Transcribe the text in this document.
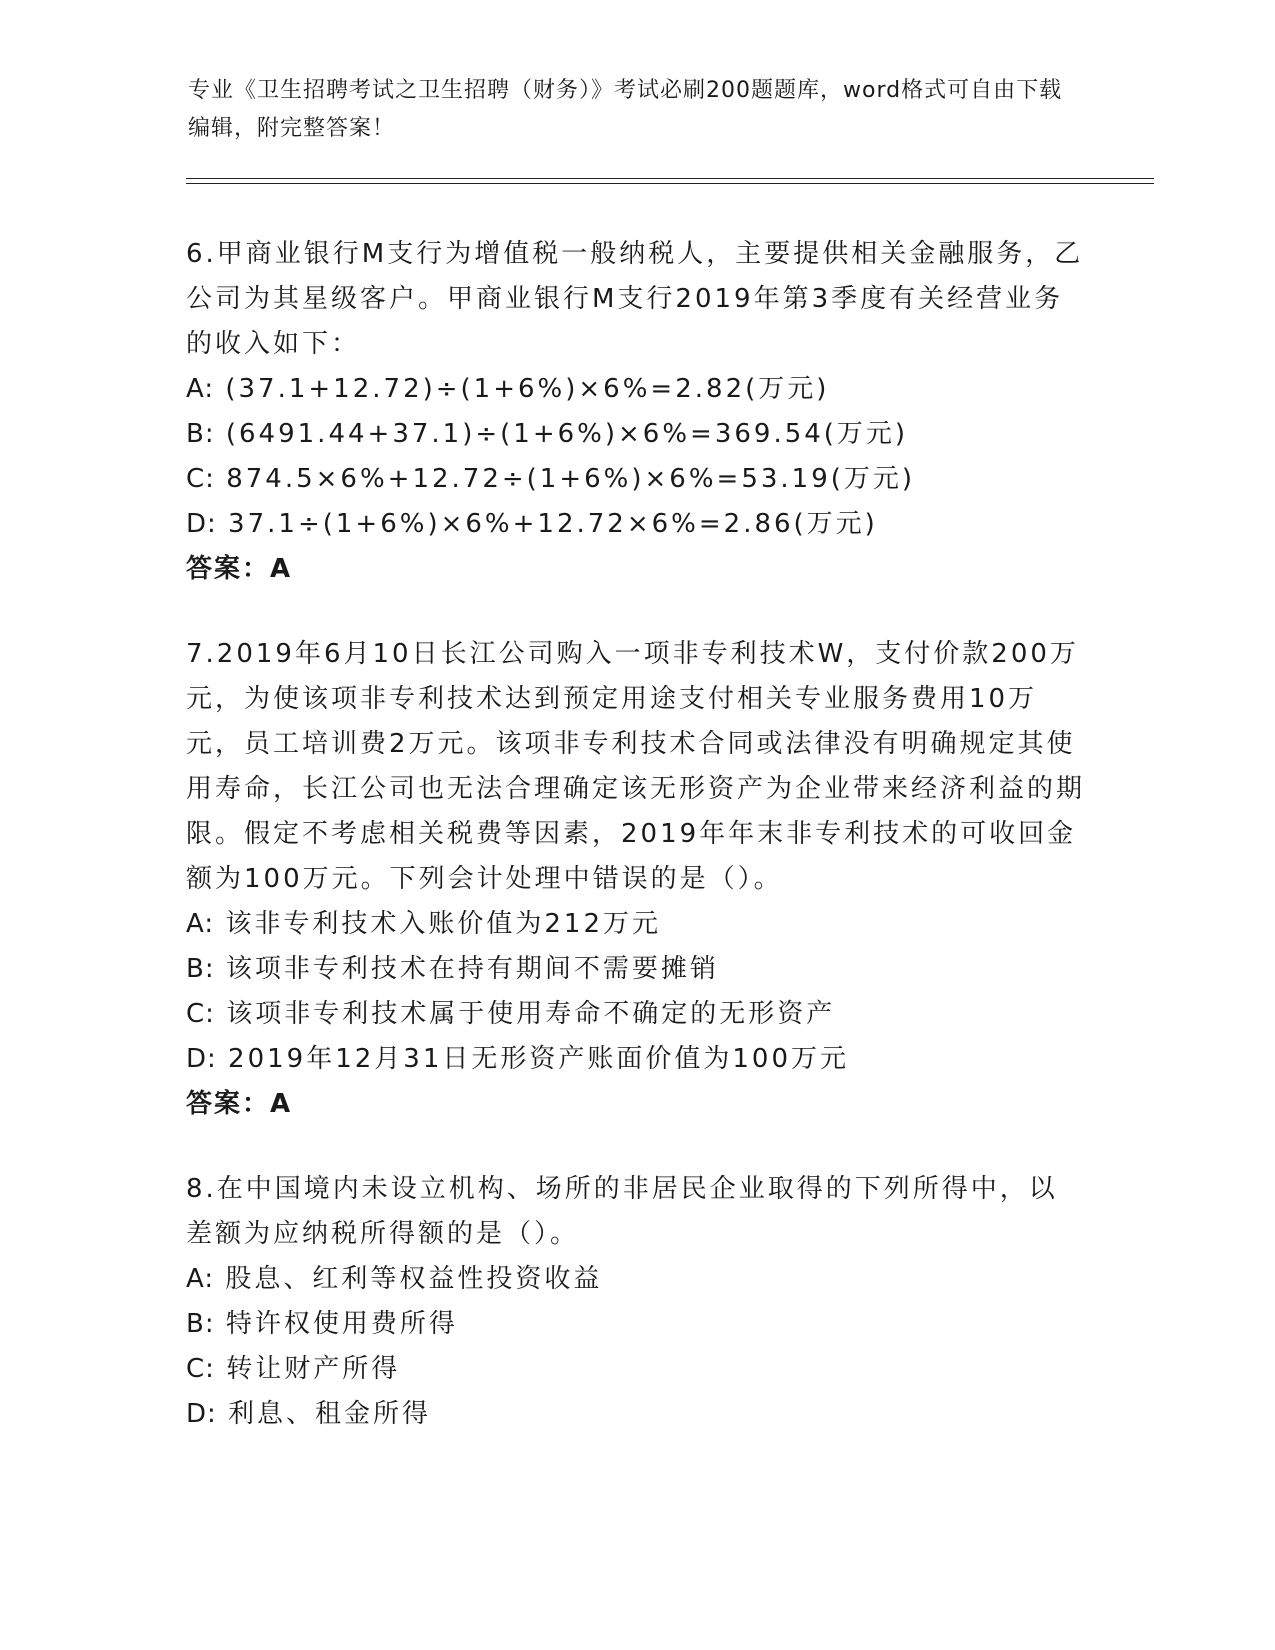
专业《卫生招聘考试之卫生招聘（财务）》考试必刷200题题库，word格式可自由下载编辑，附完整答案！
6.甲商业银行M支行为增值税一般纳税人，主要提供相关金融服务，乙公司为其星级客户。甲商业银行M支行2019年第3季度有关经营业务的收入如下：
A: (37.1+12.72)÷(1+6%)×6%=2.82(万元)
B: (6491.44+37.1)÷(1+6%)×6%=369.54(万元)
C: 874.5×6%+12.72÷(1+6%)×6%=53.19(万元)
D: 37.1÷(1+6%)×6%+12.72×6%=2.86(万元)
答案：A
7.2019年6月10日长江公司购入一项非专利技术W，支付价款200万元，为使该项非专利技术达到预定用途支付相关专业服务费用10万元，员工培训费2万元。该项非专利技术合同或法律没有明确规定其使用寿命，长江公司也无法合理确定该无形资产为企业带来经济利益的期限。假定不考虑相关税费等因素，2019年年末非专利技术的可收回金额为100万元。下列会计处理中错误的是（）。
A: 该非专利技术入账价值为212万元
B: 该项非专利技术在持有期间不需要摊销
C: 该项非专利技术属于使用寿命不确定的无形资产
D: 2019年12月31日无形资产账面价值为100万元
答案：A
8.在中国境内未设立机构、场所的非居民企业取得的下列所得中，以差额为应纳税所得额的是（）。
A: 股息、红利等权益性投资收益
B: 特许权使用费所得
C: 转让财产所得
D: 利息、租金所得
